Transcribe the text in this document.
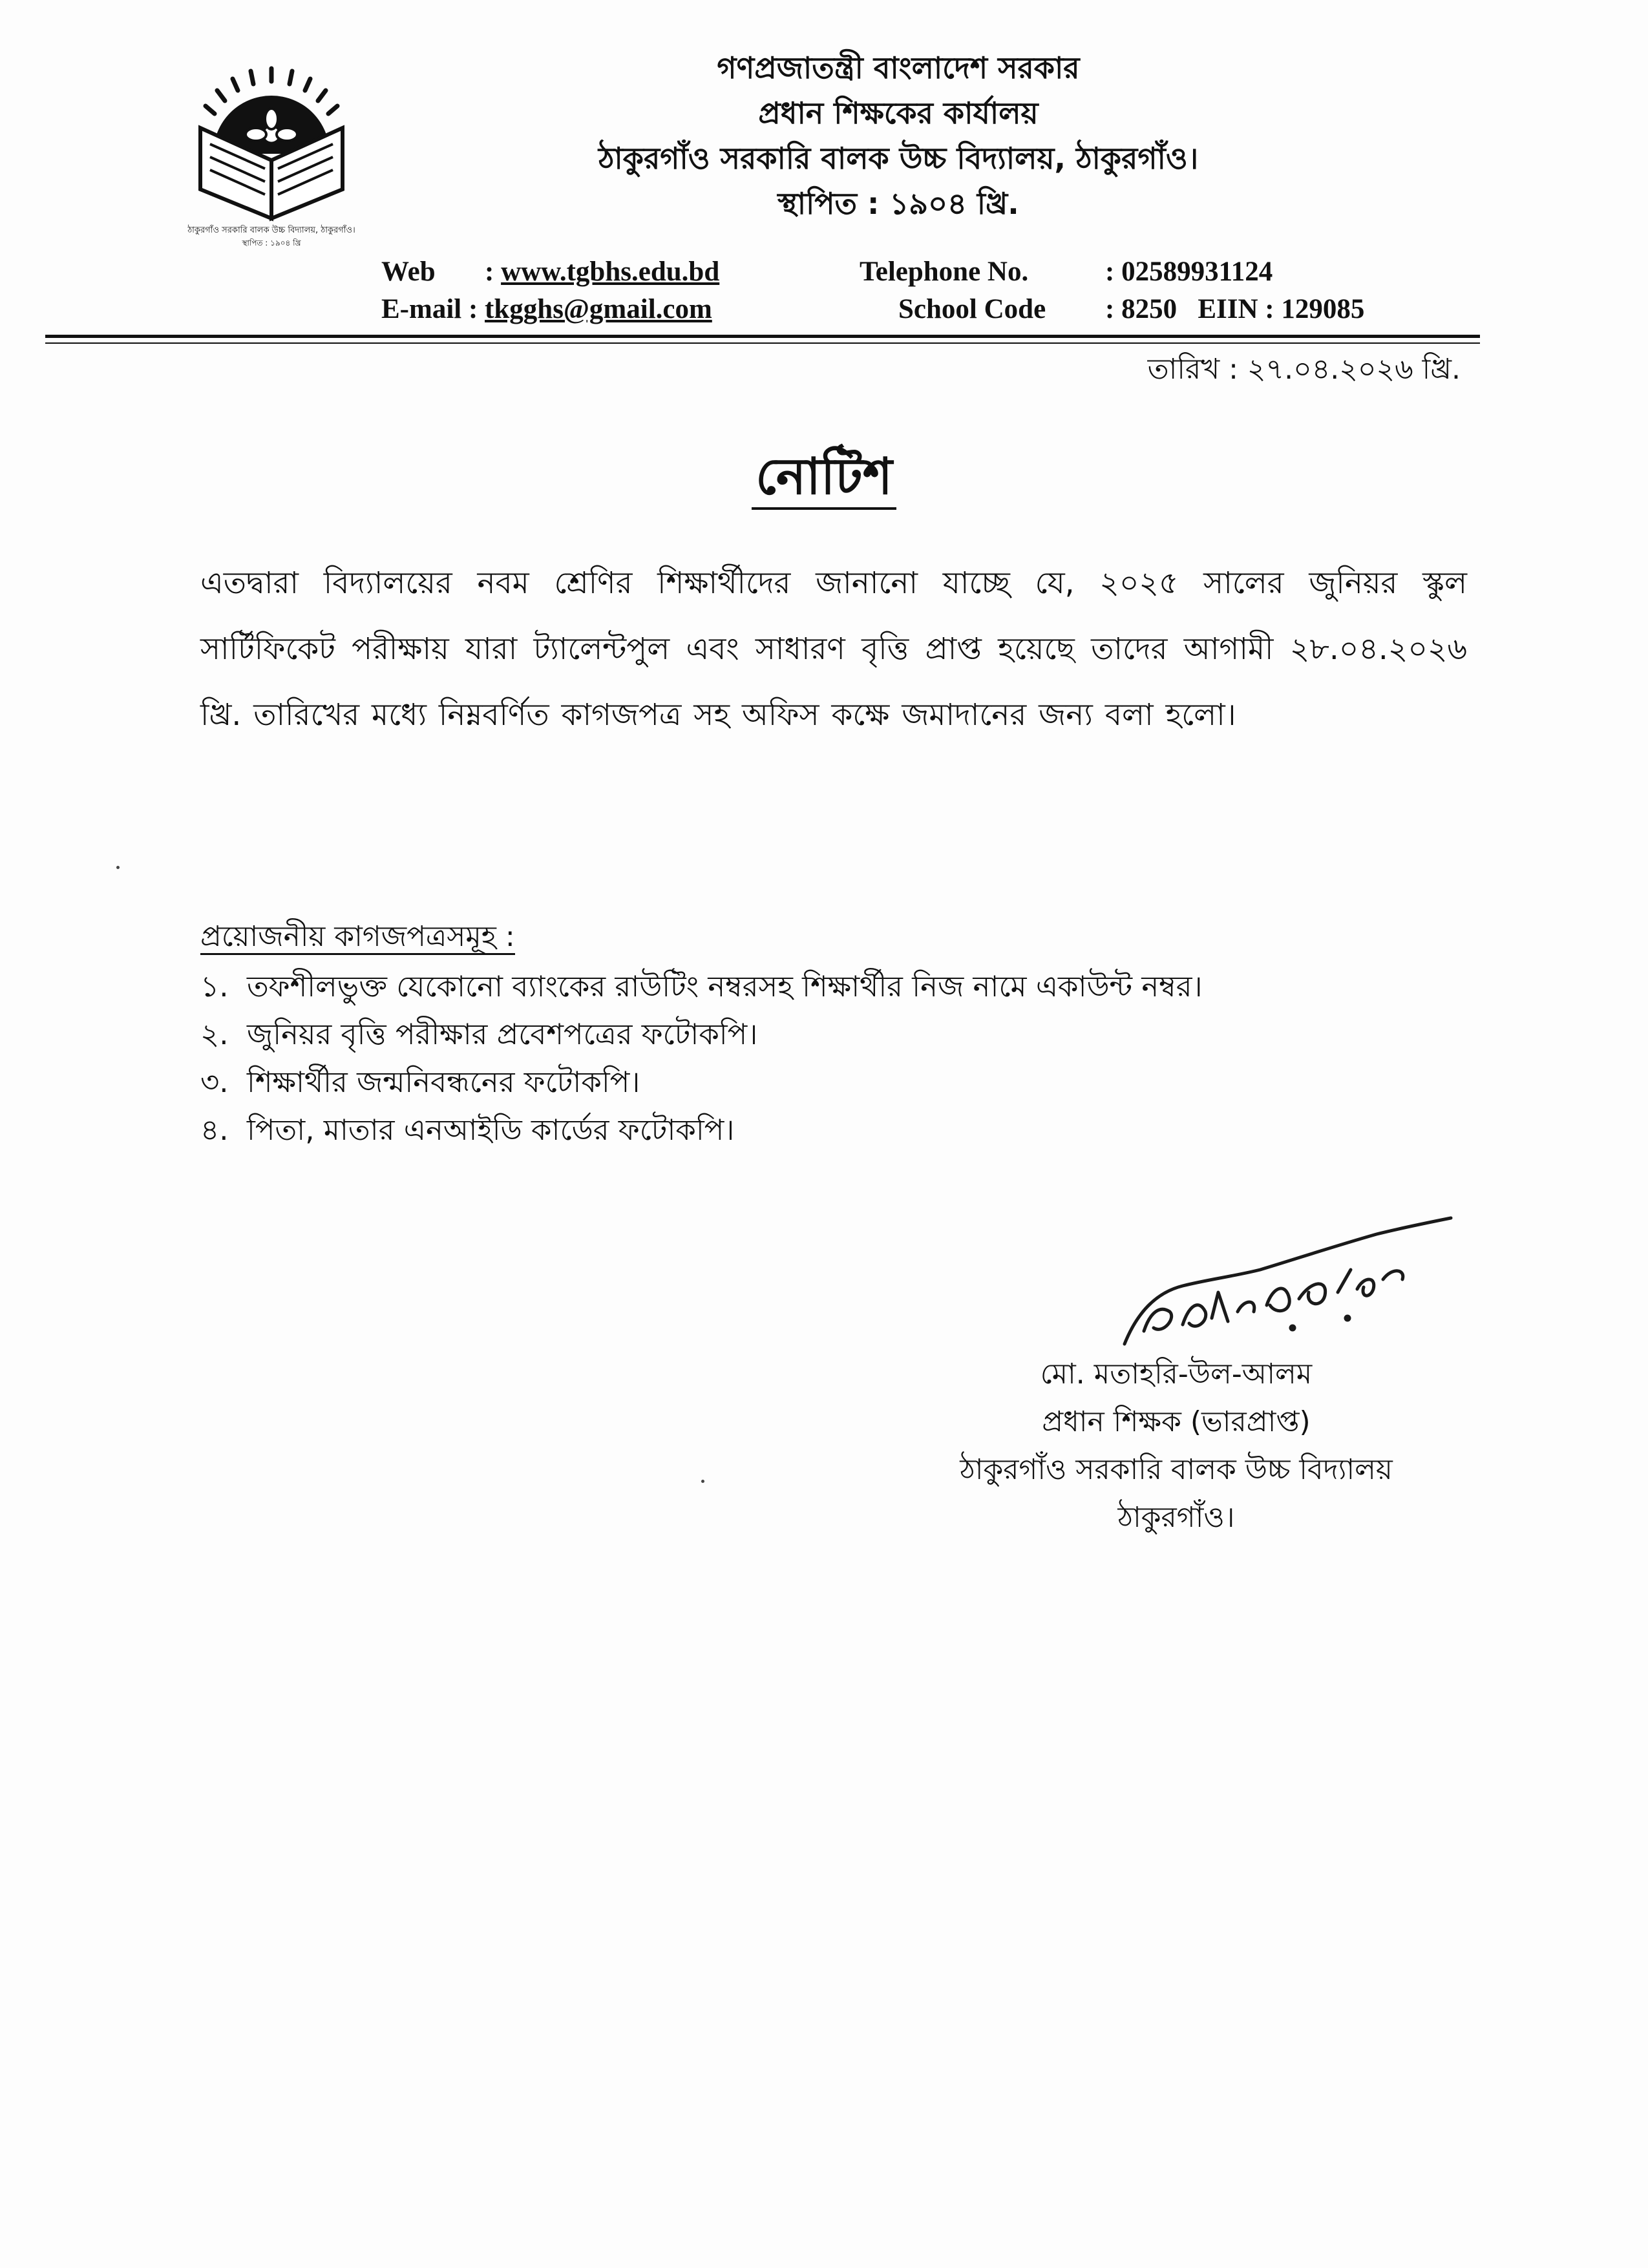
ঠাকুরগাঁও সরকারি বালক উচ্চ বিদ্যালয়, ঠাকুরগাঁও।
স্থাপিত : ১৯০৪ খ্রি
গণপ্রজাতন্ত্রী বাংলাদেশ সরকার
প্রধান শিক্ষকের কার্যালয়
ঠাকুরগাঁও সরকারি বালক উচ্চ বিদ্যালয়, ঠাকুরগাঁও।
স্থাপিত : ১৯০৪ খ্রি.
Web : www.tgbhs.edu.bd
E-mail : tkgghs@gmail.com
Telephone No.	: 02589931124
School Code : 8250 EIIN : 129085
তারিখ : ২৭.০৪.২০২৬ খ্রি.
নোটিশ
এতদ্বারা বিদ্যালয়ের নবম শ্রেণির শিক্ষার্থীদের জানানো যাচ্ছে যে, ২০২৫ সালের জুনিয়র স্কুল সার্টিফিকেট পরীক্ষায় যারা ট্যালেন্টপুল এবং সাধারণ বৃত্তি প্রাপ্ত হয়েছে তাদের আগামী ২৮.০৪.২০২৬ খ্রি. তারিখের মধ্যে নিম্নবর্ণিত কাগজপত্র সহ অফিস কক্ষে জমাদানের জন্য বলা হলো।
প্রয়োজনীয় কাগজপত্রসমূহ :
১. তফশীলভুক্ত যেকোনো ব্যাংকের রাউটিং নম্বরসহ শিক্ষার্থীর নিজ নামে একাউন্ট নম্বর।
২. জুনিয়র বৃত্তি পরীক্ষার প্রবেশপত্রের ফটোকপি।
৩. শিক্ষার্থীর জন্মনিবন্ধনের ফটোকপি।
৪. পিতা, মাতার এনআইডি কার্ডের ফটোকপি।
মো. মতাহরি-উল-আলম
প্রধান শিক্ষক (ভারপ্রাপ্ত)
ঠাকুরগাঁও সরকারি বালক উচ্চ বিদ্যালয়
ঠাকুরগাঁও।
